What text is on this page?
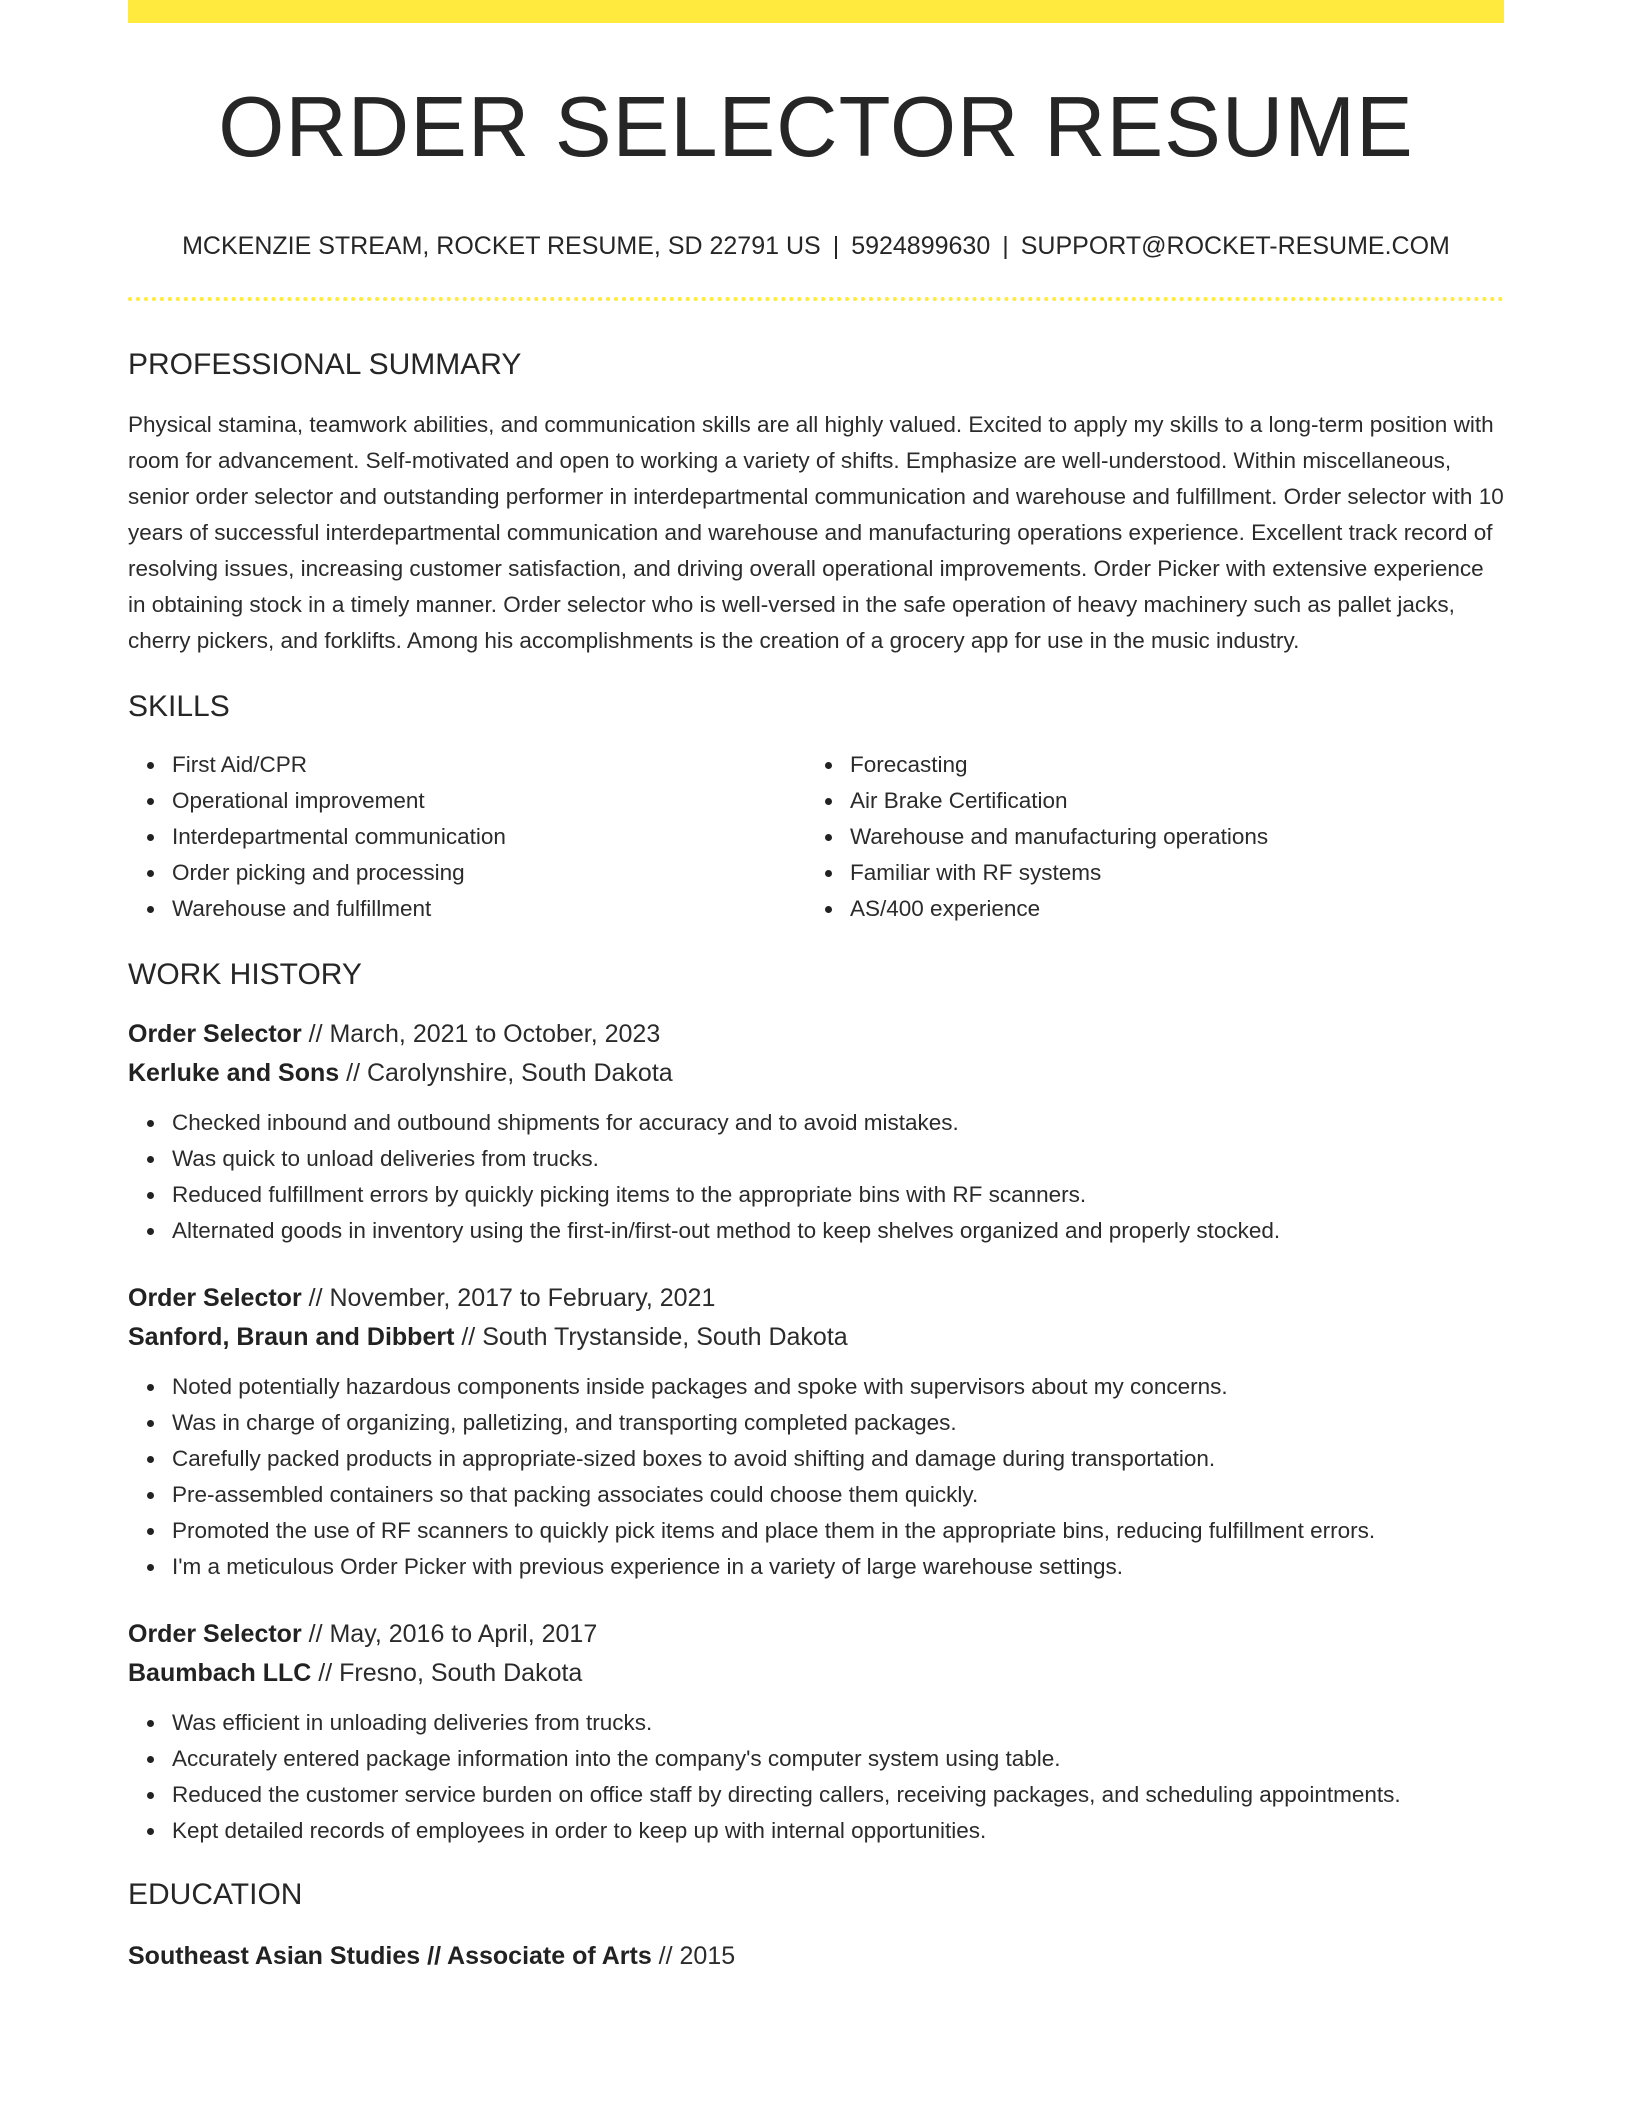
ORDER SELECTOR RESUME
MCKENZIE STREAM, ROCKET RESUME, SD 22791 US | 5924899630 | SUPPORT@ROCKET-RESUME.COM
PROFESSIONAL SUMMARY
Physical stamina, teamwork abilities, and communication skills are all highly valued. Excited to apply my skills to a long-term position with room for advancement. Self-motivated and open to working a variety of shifts. Emphasize are well-understood. Within miscellaneous, senior order selector and outstanding performer in interdepartmental communication and warehouse and fulfillment. Order selector with 10 years of successful interdepartmental communication and warehouse and manufacturing operations experience. Excellent track record of resolving issues, increasing customer satisfaction, and driving overall operational improvements. Order Picker with extensive experience in obtaining stock in a timely manner. Order selector who is well-versed in the safe operation of heavy machinery such as pallet jacks, cherry pickers, and forklifts. Among his accomplishments is the creation of a grocery app for use in the music industry.
SKILLS
First Aid/CPR
Operational improvement
Interdepartmental communication
Order picking and processing
Warehouse and fulfillment
Forecasting
Air Brake Certification
Warehouse and manufacturing operations
Familiar with RF systems
AS/400 experience
WORK HISTORY
Order Selector // March, 2021 to October, 2023
Kerluke and Sons // Carolynshire, South Dakota
Checked inbound and outbound shipments for accuracy and to avoid mistakes.
Was quick to unload deliveries from trucks.
Reduced fulfillment errors by quickly picking items to the appropriate bins with RF scanners.
Alternated goods in inventory using the first-in/first-out method to keep shelves organized and properly stocked.
Order Selector // November, 2017 to February, 2021
Sanford, Braun and Dibbert // South Trystanside, South Dakota
Noted potentially hazardous components inside packages and spoke with supervisors about my concerns.
Was in charge of organizing, palletizing, and transporting completed packages.
Carefully packed products in appropriate-sized boxes to avoid shifting and damage during transportation.
Pre-assembled containers so that packing associates could choose them quickly.
Promoted the use of RF scanners to quickly pick items and place them in the appropriate bins, reducing fulfillment errors.
I'm a meticulous Order Picker with previous experience in a variety of large warehouse settings.
Order Selector // May, 2016 to April, 2017
Baumbach LLC // Fresno, South Dakota
Was efficient in unloading deliveries from trucks.
Accurately entered package information into the company's computer system using table.
Reduced the customer service burden on office staff by directing callers, receiving packages, and scheduling appointments.
Kept detailed records of employees in order to keep up with internal opportunities.
EDUCATION
Southeast Asian Studies // Associate of Arts // 2015
